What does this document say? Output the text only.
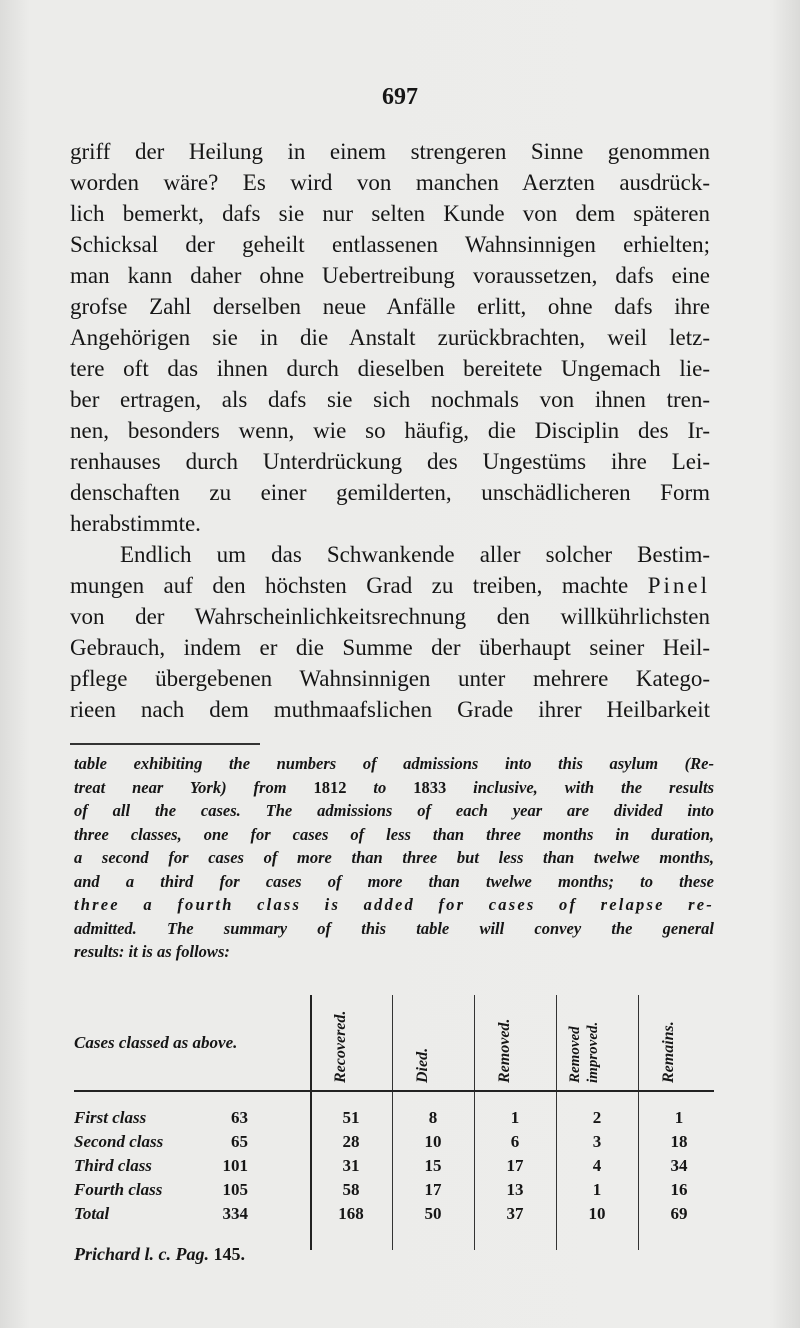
697
griff der Heilung in einem strengeren Sinne genommen
worden wäre? Es wird von manchen Aerzten ausdrück-
lich bemerkt, dafs sie nur selten Kunde von dem späteren
Schicksal der geheilt entlassenen Wahnsinnigen erhielten;
man kann daher ohne Uebertreibung voraussetzen, dafs eine
grofse Zahl derselben neue Anfälle erlitt, ohne dafs ihre
Angehörigen sie in die Anstalt zurückbrachten, weil letz-
tere oft das ihnen durch dieselben bereitete Ungemach lie-
ber ertragen, als dafs sie sich nochmals von ihnen tren-
nen, besonders wenn, wie so häufig, die Disciplin des Ir-
renhauses durch Unterdrückung des Ungestüms ihre Lei-
denschaften zu einer gemilderten, unschädlicheren Form
herabstimmte.
Endlich um das Schwankende aller solcher Bestim-
mungen auf den höchsten Grad zu treiben, machte Pinel
von der Wahrscheinlichkeitsrechnung den willkührlichsten
Gebrauch, indem er die Summe der überhaupt seiner Heil-
pflege übergebenen Wahnsinnigen unter mehrere Katego-
rieen nach dem muthmaafslichen Grade ihrer Heilbarkeit
table exhibiting the numbers of admissions into this asylum (Re-
treat near York) from 1812 to 1833 inclusive, with the results
of all the cases. The admissions of each year are divided into
three classes, one for cases of less than three months in duration,
a second for cases of more than three but less than twelwe months,
and a third for cases of more than twelwe months; to these
three a fourth class is added for cases of relapse re-
admitted. The summary of this table will convey the general
results: it is as follows:
Cases classed as above.	Recovered.	Died.	Removed.	Removed improved.	Remains.
First class	63	51	8	1	2	1
Second class	65	28	10	6	3	18
Third class	101	31	15	17	4	34
Fourth class	105	58	17	13	1	16
Total	334	168	50	37	10	69
Prichard l. c. Pag. 145.
